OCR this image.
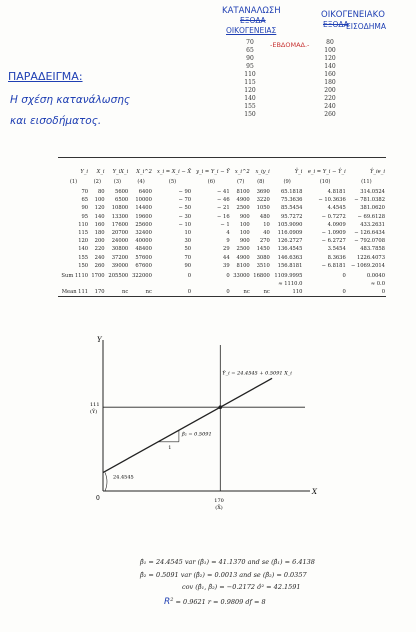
ΚΑΤΑΝΑΛΩΣΗ
ΕΞΟΔΑ
ΟΙΚΟΓΕΝΕΙΑΣ
ΟΙΚΟΓΕΝΕΙΑΚΟ
ΕΞΟΔΑ
ΕΙΣΟΔΗΜΑ
-ΕΒΔΟΜΑΔ.-
70		80
65		100
90		120
95		140
110		160
115		180
120		200
140		220
155		240
150		260
ΠΑΡΑΔΕΙΓΜΑ:
Η σχέση κατανάλωσης
και εισοδήματος.
Y_i	X_i	Y_iX_i	X_i^2	x_i = X_i − X̄	y_i = Y_i − Ȳ	x_i^2	x_iy_i	Ŷ_i	e_i = Y_i − Ŷ_i	Ŷ_ie_i
(1)	(2)	(3)	(4)	(5)	(6)	(7)	(8)	(9)	(10)	(11)
70	80	5600	6400	− 90	− 41	8100	3690	65.1818	4.8181	314.0524
65	100	6500	10000	− 70	− 46	4900	3220	75.3636	− 10.3636	− 781.0382
90	120	10800	14400	− 50	− 21	2500	1050	85.5454	4.4545	381.0620
95	140	13300	19600	− 30	− 16	900	480	95.7272	− 0.7272	− 69.6128
110	160	17600	25600	− 10	− 1	100	10	105.9090	4.0909	433.2631
115	180	20700	32400	10	4	100	40	116.0909	− 1.0909	− 126.6434
120	200	24000	40000	30	9	900	270	126.2727	− 6.2727	− 792.0708
140	220	30800	48400	50	29	2500	1450	136.4545	3.5454	483.7858
155	240	37200	57600	70	44	4900	3080	146.6363	8.3636	1226.4073
150	260	39000	67600	90	39	8100	3510	156.8181	− 6.8181	− 1069.2014
Sum 1110	1700	205500	322000	0	0	33000	16800	1109.9995	0	0.0040
								≈ 1110.0		≈ 0.0
Mean 111	170	nc	nc	0	0	nc	nc	110	0	0
X
Y
0
111
(Ȳ)
170
(X̄)
Ŷ_i = 24.4545 + 0.5091 X_i
24.4545
1
β̂₂ = 0.5091
β̂₁ = 24.4545 var (β̂₁) = 41.1370 and se (β̂₁) = 6.4138
β̂₂ = 0.5091 var (β̂₂) = 0.0013 and se (β̂₂) = 0.0357
cov (β̂₁, β̂₂) = −0.2172 σ̂² = 42.1591
$R^2 = 0.9621$ r = 0.9809 df = 8
